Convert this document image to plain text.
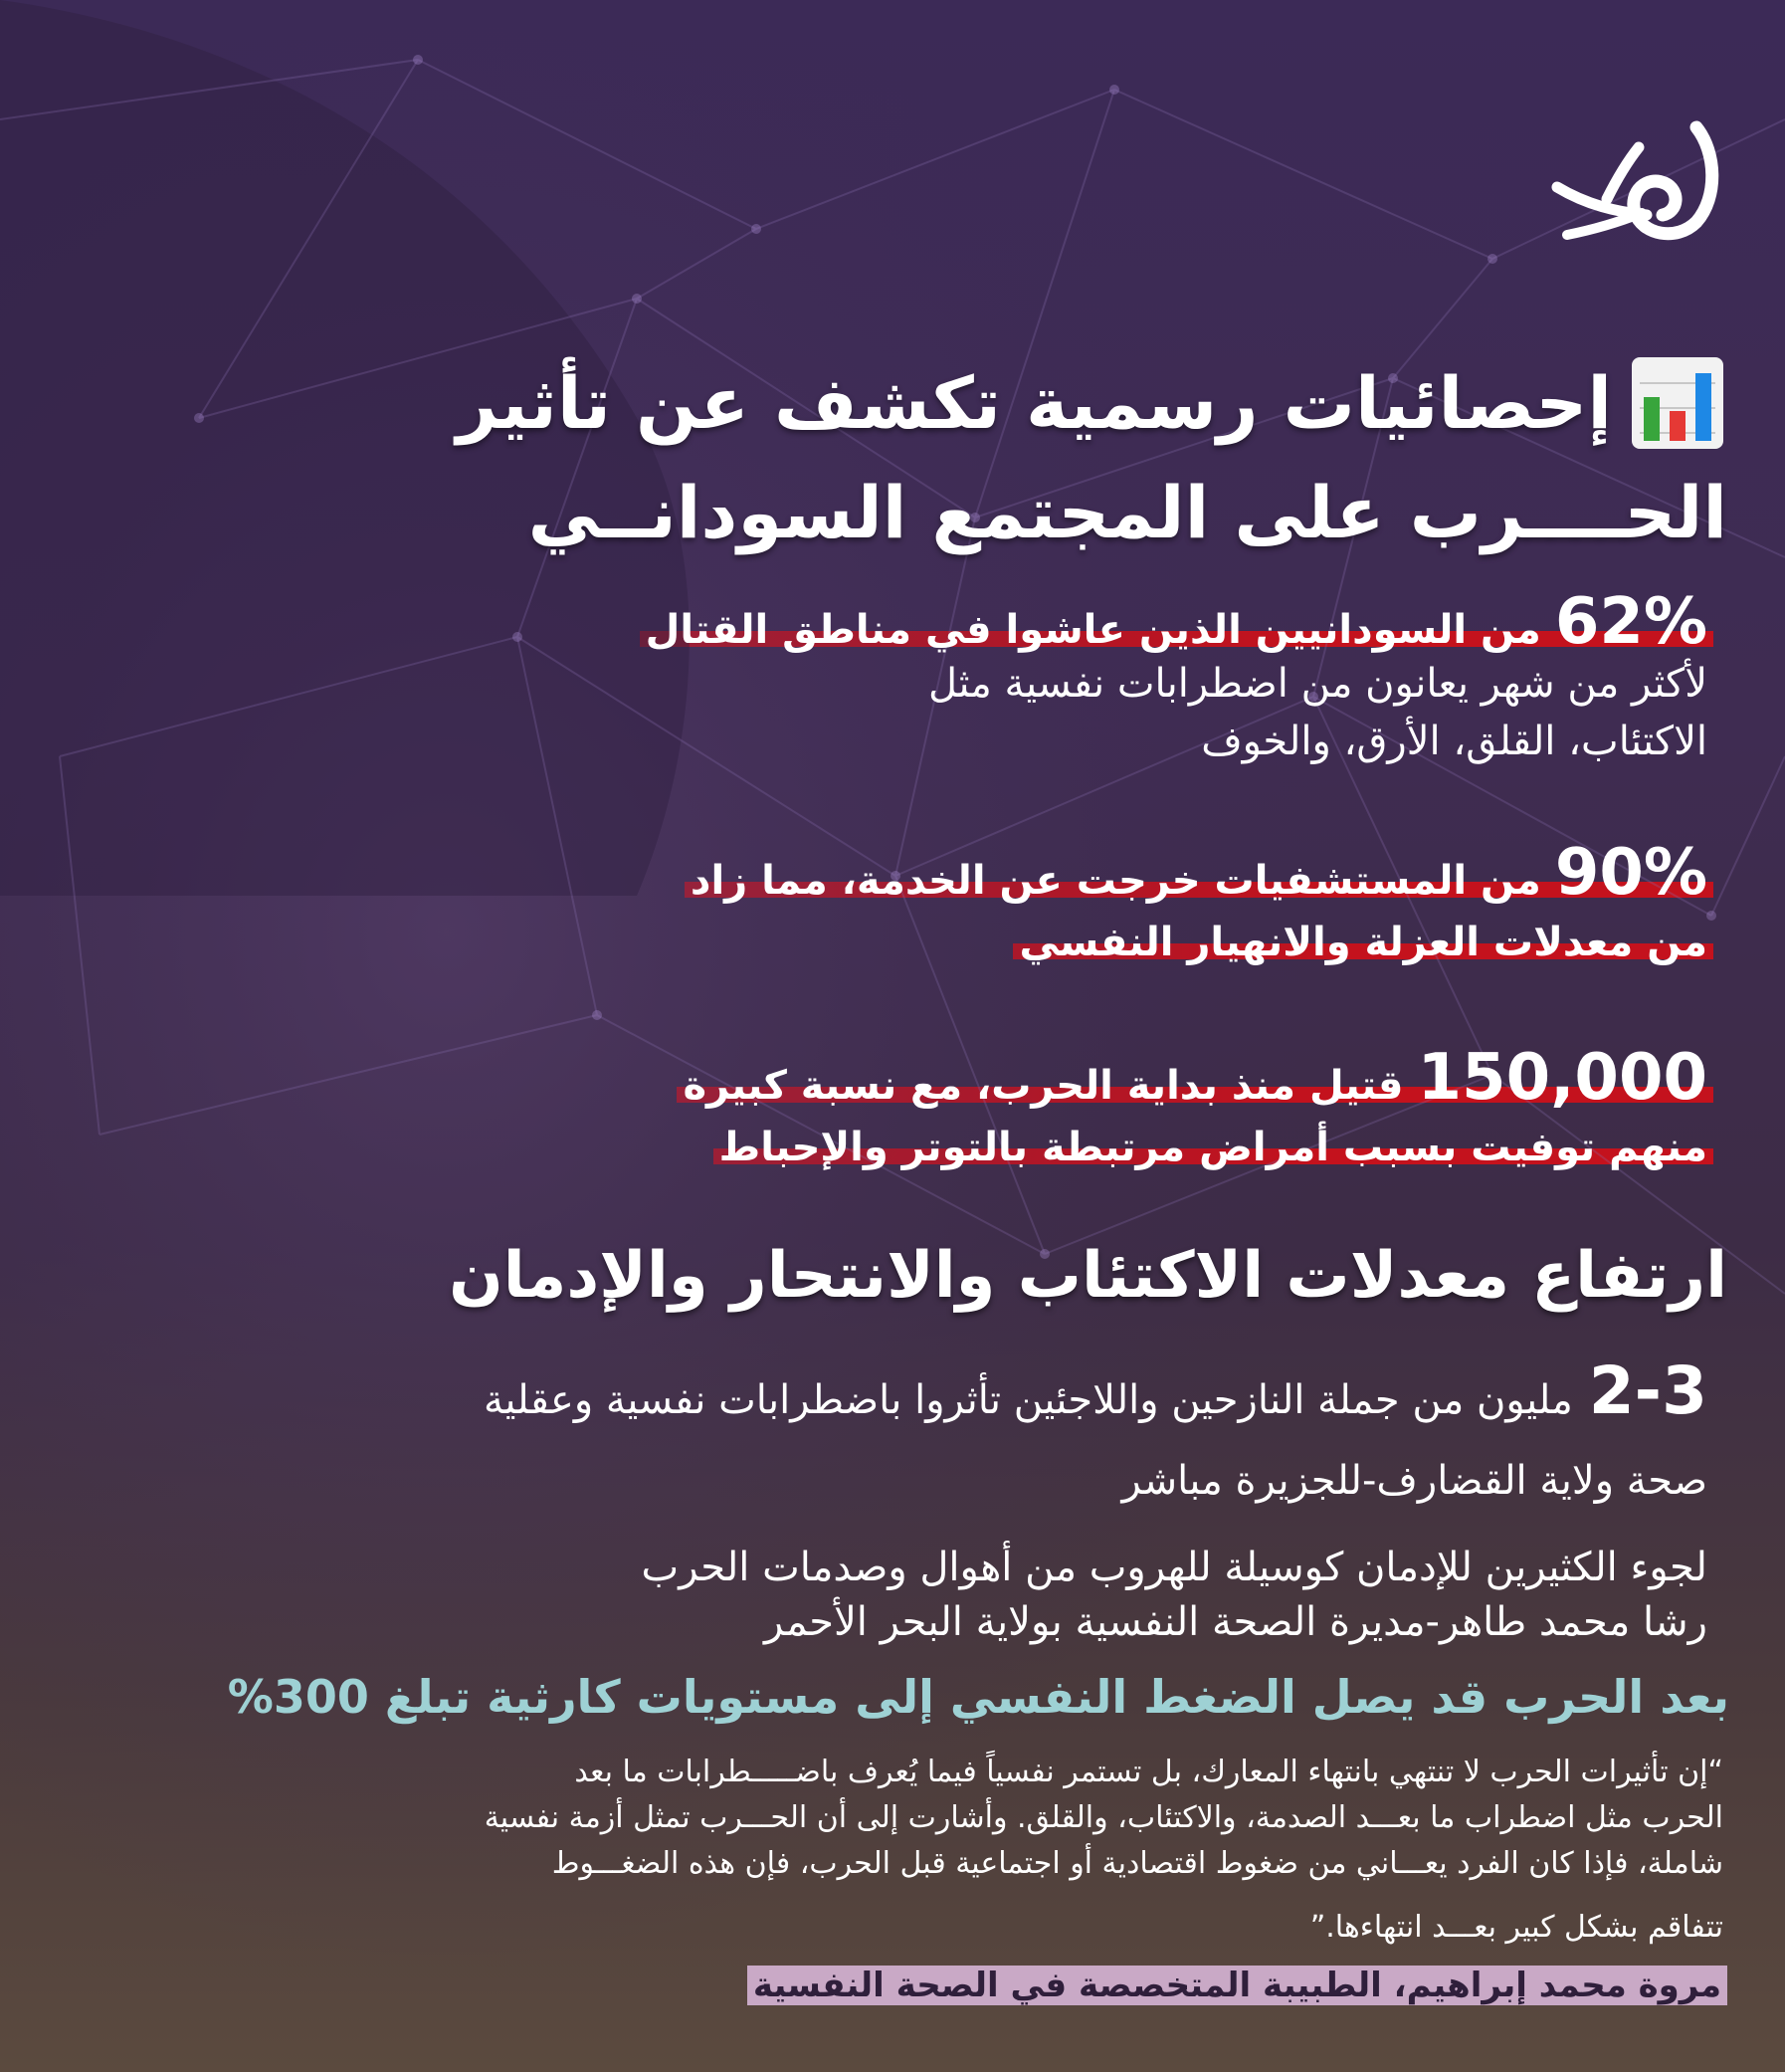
إحصائيات رسمية تكشف عن تأثير
الحــــرب على المجتمع السودانــي
62%من السودانيين الذين عاشوا في مناطق القتال
لأكثر من شهر يعانون من اضطرابات نفسية مثل
الاكتئاب، القلق، الأرق، والخوف
90%من المستشفيات خرجت عن الخدمة، مما زاد
من معدلات العزلة والانهيار النفسي
150,000قتيل منذ بداية الحرب، مع نسبة كبيرة
منهم توفيت بسبب أمراض مرتبطة بالتوتر والإحباط
ارتفاع معدلات الاكتئاب والانتحار والإدمان
2-3مليون من جملة النازحين واللاجئين تأثروا باضطرابات نفسية وعقلية
صحة ولاية القضارف-للجزيرة مباشر
لجوء الكثيرين للإدمان كوسيلة للهروب من أهوال وصدمات الحرب
رشا محمد طاهر-مديرة الصحة النفسية بولاية البحر الأحمر
بعد الحرب قد يصل الضغط النفسي إلى مستويات كارثية تبلغ 300%

“إن تأثيرات الحرب لا تنتهي بانتهاء المعارك، بل تستمر نفسياً فيما يُعرف باضـــــطرابات ما بعد

الحرب مثل اضطراب ما بعـــد الصدمة، والاكتئاب، والقلق. وأشارت إلى أن الحـــرب تمثل أزمة نفسية

شاملة، فإذا كان الفرد يعـــاني من ضغوط اقتصادية أو اجتماعية قبل الحرب، فإن هذه الضغـــوط

تتفاقم بشكل كبير بعـــد انتهاءها.”

مروة محمد إبراهيم، الطبيبة المتخصصة في الصحة النفسية
